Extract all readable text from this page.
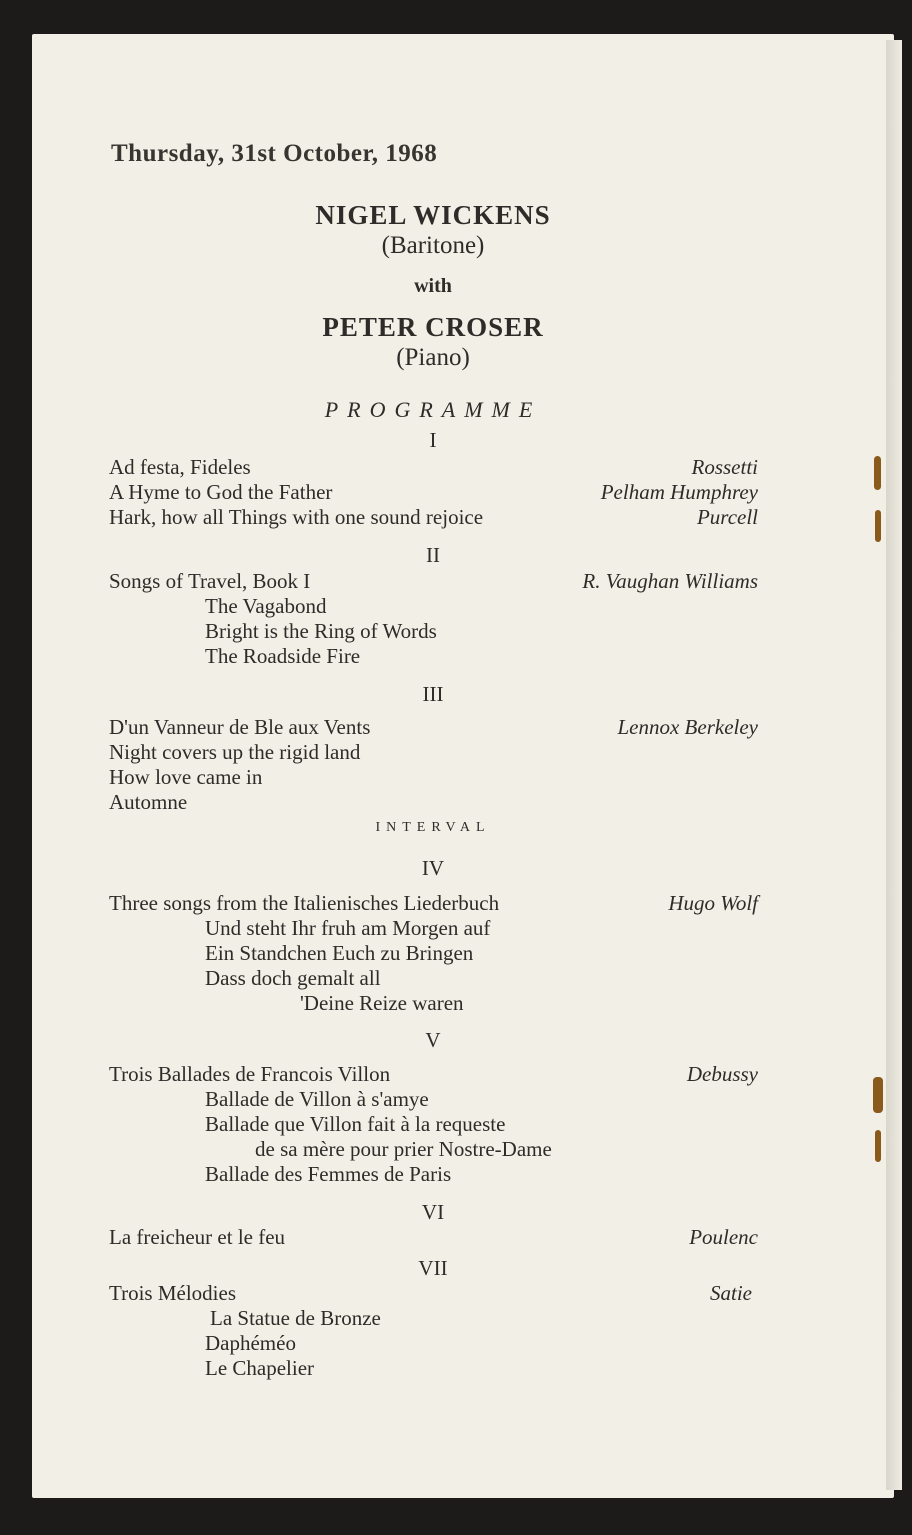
Thursday, 31st October, 1968

NIGEL WICKENS

(Baritone)

with

PETER CROSER

(Piano)

PROGRAMME

I

Ad festa, Fideles	Rossetti
A Hyme to God the Father	Pelham Humphrey
Hark, how all Things with one sound rejoice	Purcell

II

Songs of Travel, Book I	R. Vaughan Williams
The Vagabond
Bright is the Ring of Words
The Roadside Fire

III

D'un Vanneur de Ble aux Vents	Lennox Berkeley
Night covers up the rigid land
How love came in
Automne

INTERVAL

IV

Three songs from the Italienisches Liederbuch	Hugo Wolf
Und steht Ihr fruh am Morgen auf
Ein Standchen Euch zu Bringen
Dass doch gemalt all
'Deine Reize waren

V

Trois Ballades de Francois Villon	Debussy
Ballade de Villon à s'amye
Ballade que Villon fait à la requeste
de sa mère pour prier Nostre-Dame
Ballade des Femmes de Paris

VI

La freicheur et le feu	Poulenc

VII

Trois Mélodies	Satie
La Statue de Bronze
Daphéméo
Le Chapelier
